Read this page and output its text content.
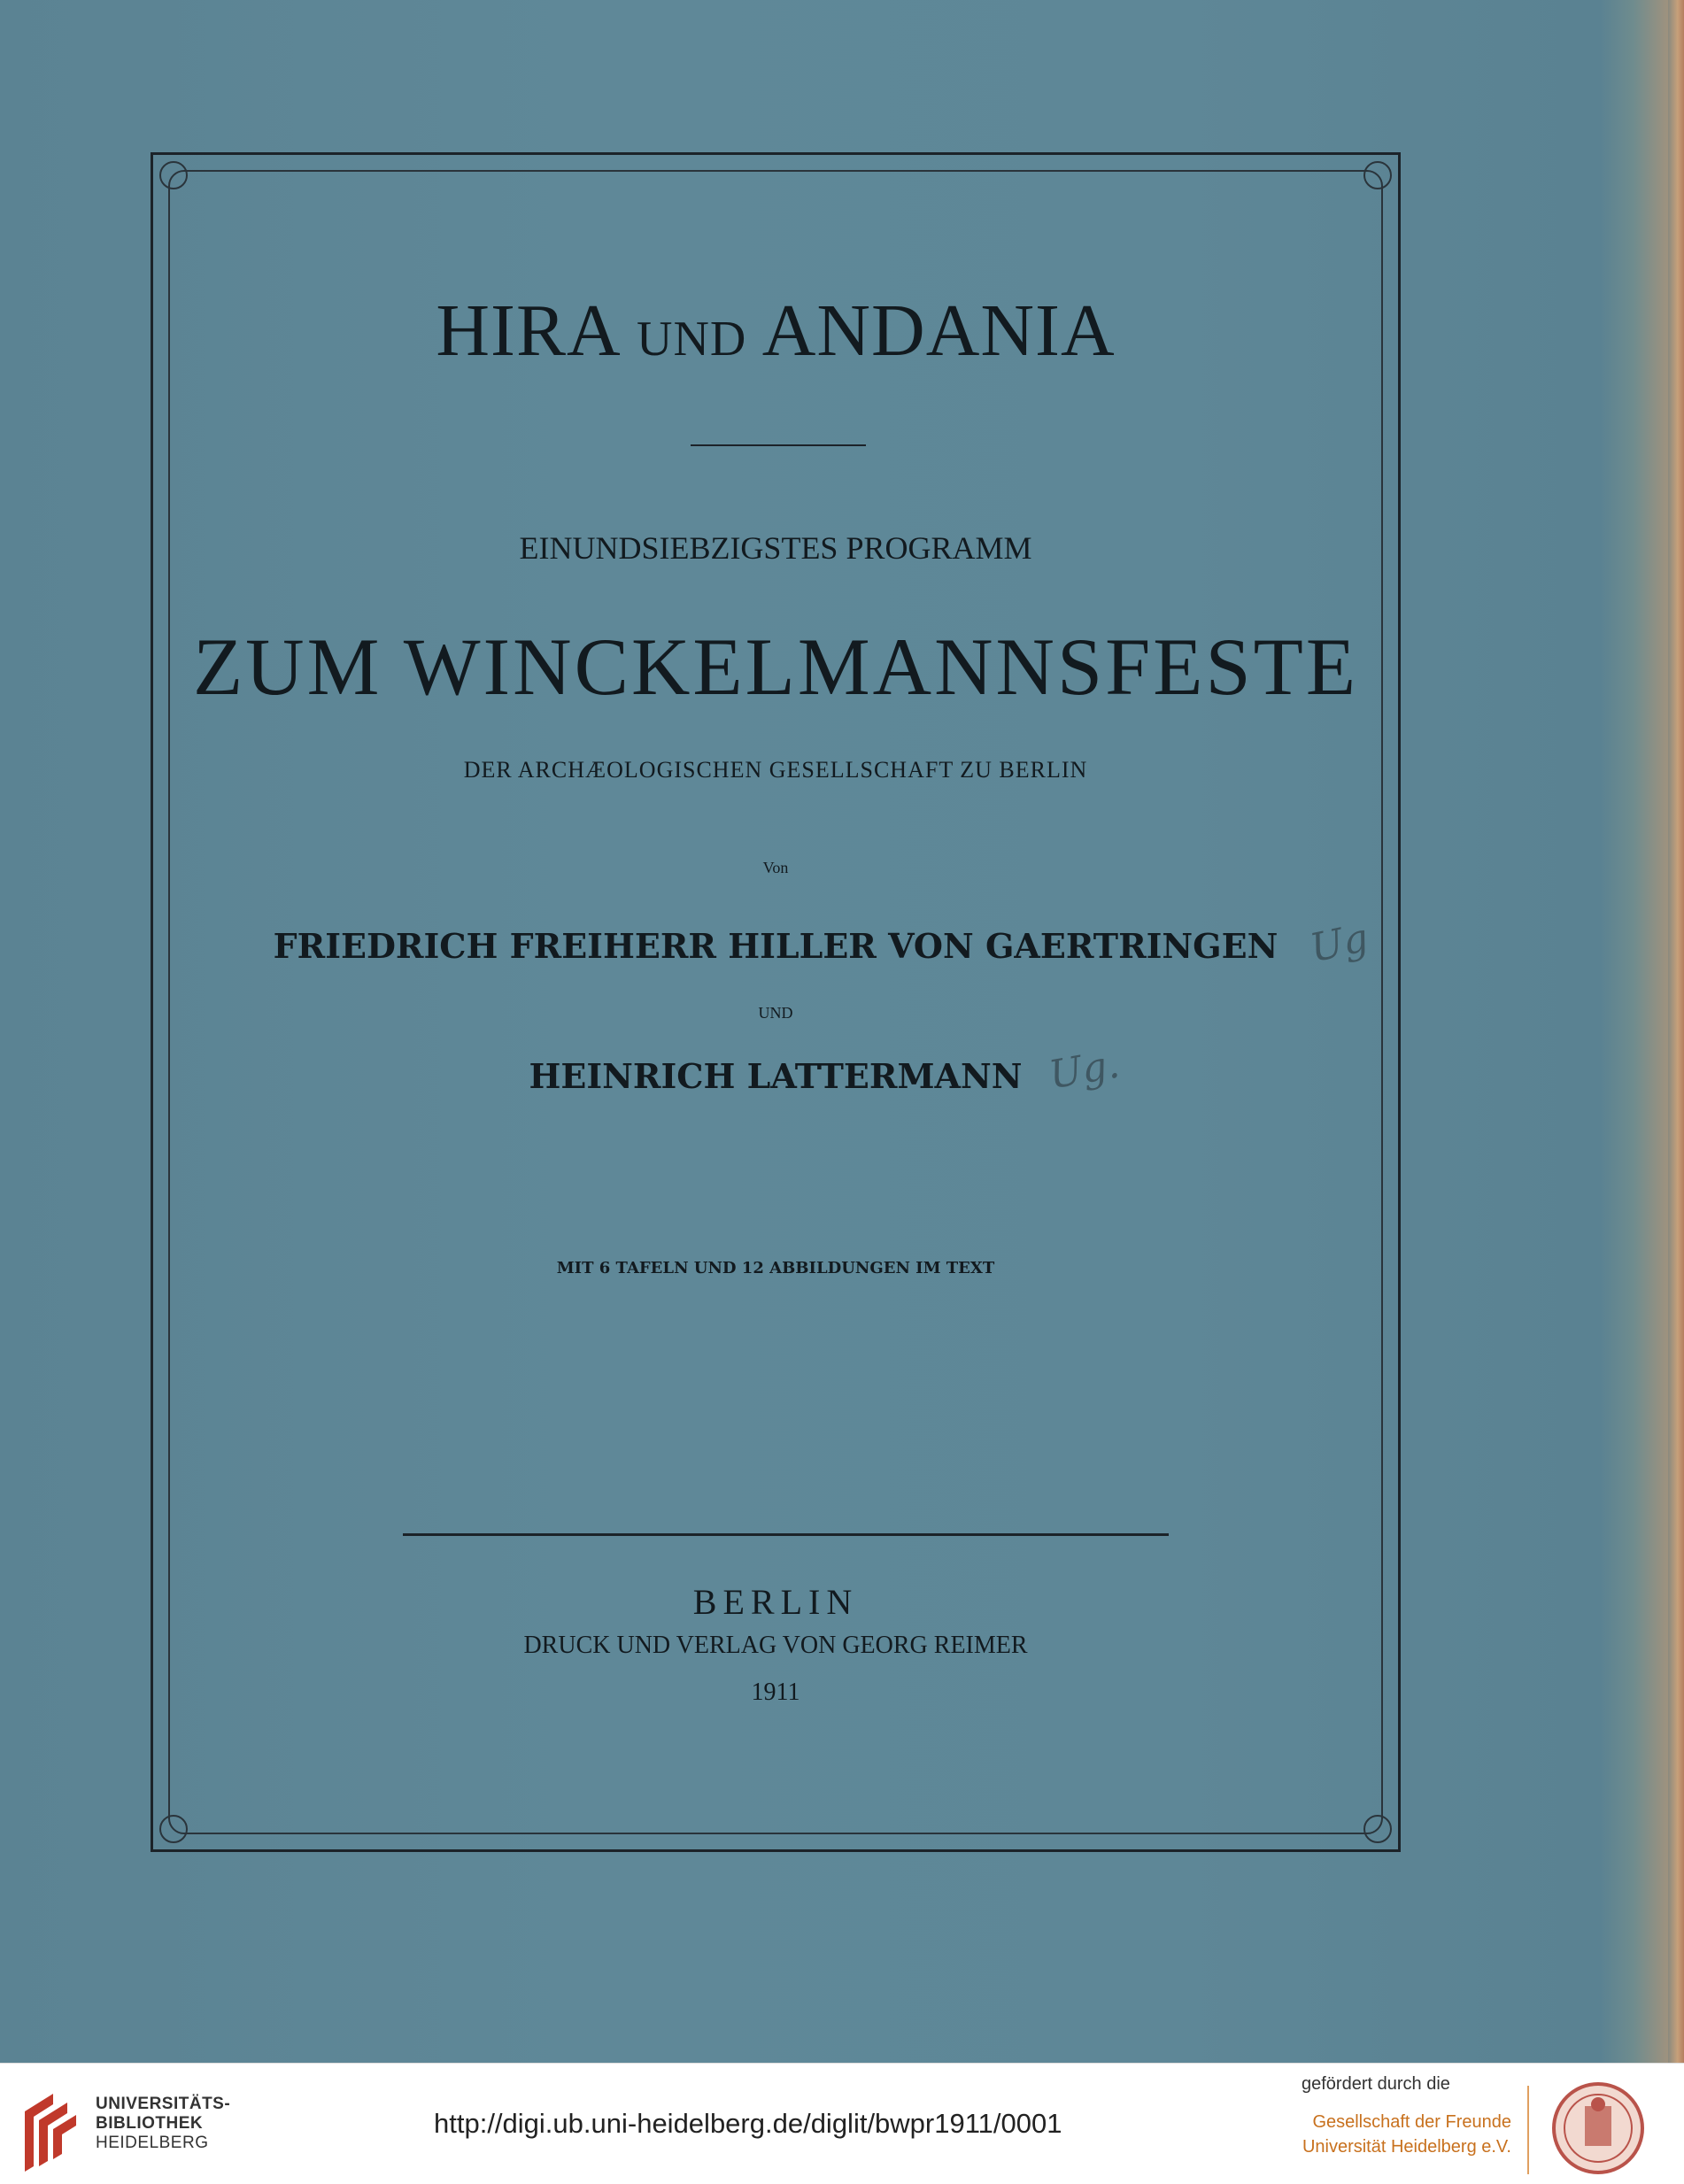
HIRA UND ANDANIA
EINUNDSIEBZIGSTES PROGRAMM
ZUM WINCKELMANNSFESTE
DER ARCHÆOLOGISCHEN GESELLSCHAFT ZU BERLIN
Von
FRIEDRICH FREIHERR HILLER VON GAERTRINGEN
UND
HEINRICH LATTERMANN
MIT 6 TAFELN UND 12 ABBILDUNGEN IM TEXT
BERLIN
DRUCK UND VERLAG VON GEORG REIMER
1911
Ug
Ug.
UNIVERSITÄTS-
BIBLIOTHEK
HEIDELBERG
http://digi.ub.uni-heidelberg.de/diglit/bwpr1911/0001
gefördert durch die
Gesellschaft der Freunde
Universität Heidelberg e.V.
